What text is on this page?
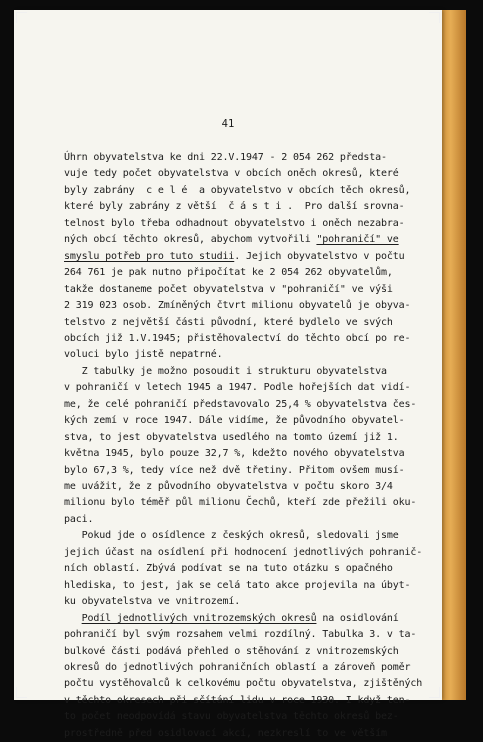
41

Úhrn obyvatelstva ke dni 22.V.1947 - 2 054 262 předsta-

vuje tedy počet obyvatelstva v obcích oněch okresů, které

byly zabrány  c e l é  a obyvatelstvo v obcích těch okresů,

které byly zabrány z větší  č á s t i .  Pro další srovna-

telnost bylo třeba odhadnout obyvatelstvo i oněch nezabra-

ných obcí těchto okresů, abychom vytvořili "pohraničí" ve

smyslu potřeb pro tuto studii. Jejich obyvatelstvo v počtu

264 761 je pak nutno připočítat ke 2 054 262 obyvatelům,

takže dostaneme počet obyvatelstva v "pohraničí" ve výši

2 319 023 osob. Zmíněných čtvrt milionu obyvatelů je obyva-

telstvo z největší části původní, které bydlelo ve svých

obcích již 1.V.1945; přistěhovalectví do těchto obcí po re-

voluci bylo jistě nepatrné.

Z tabulky je možno posoudit i strukturu obyvatelstva

v pohraničí v letech 1945 a 1947. Podle hořejších dat vidí-

me, že celé pohraničí představovalo 25,4 % obyvatelstva čes-

kých zemí v roce 1947. Dále vidíme, že původního obyvatel-

stva, to jest obyvatelstva usedlého na tomto území již 1.

května 1945, bylo pouze 32,7 %, kdežto nového obyvatelstva

bylo 67,3 %, tedy více než dvě třetiny. Přitom ovšem musí-

me uvážit, že z původního obyvatelstva v počtu skoro 3/4

milionu bylo téměř půl milionu Čechů, kteří zde přežili oku-

paci.

Pokud jde o osídlence z českých okresů, sledovali jsme

jejich účast na osídlení při hodnocení jednotlivých pohranič-

ních oblastí. Zbývá podívat se na tuto otázku s opačného

hlediska, to jest, jak se celá tato akce projevila na úbyt-

ku obyvatelstva ve vnitrozemí.

Podíl jednotlivých vnitrozemských okresů na osidlování

pohraničí byl svým rozsahem velmi rozdílný. Tabulka 3. v ta-

bulkové části podává přehled o stěhování z vnitrozemských

okresů do jednotlivých pohraničních oblastí a zároveň poměr

počtu vystěhovalců k celkovému počtu obyvatelstva, zjištěných

v těchto okresech při sčítání lidu v roce 1930. I když ten-

to počet neodpovídá stavu obyvatelstva těchto okresů bez-

prostředně před osidlovací akcí, nezkreslí to ve větším
